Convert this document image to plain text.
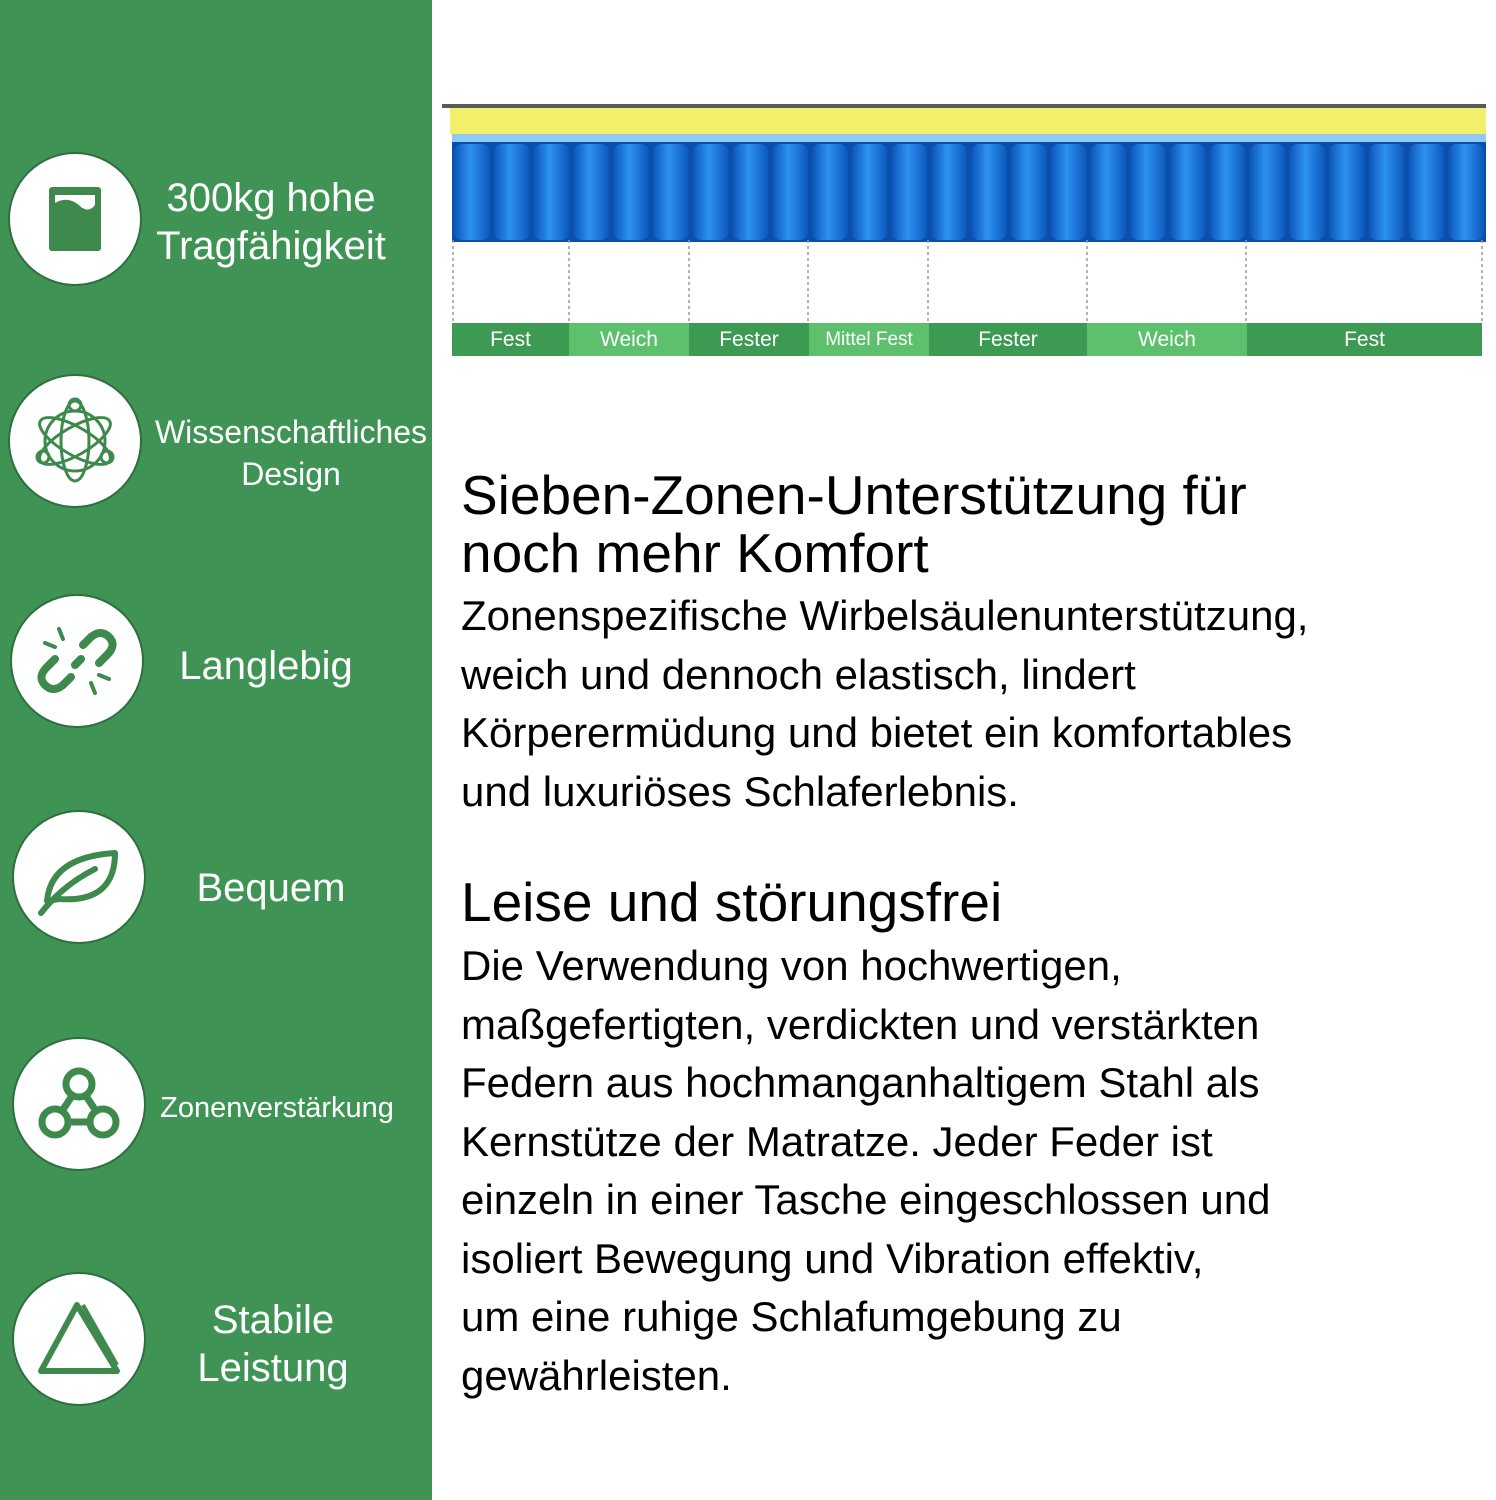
300kg hohe
Tragfähigkeit
Wissenschaftliches
Design
Langlebig
Bequem
Zonenverstärkung
Stabile
Leistung
Fest	Weich	Fester	Mittel Fest	Fester	Weich	Fest
Sieben-Zonen-Unterstützung für
noch mehr Komfort
Zonenspezifische Wirbelsäulenunterstützung,
weich und dennoch elastisch, lindert
Körperermüdung und bietet ein komfortables
und luxuriöses Schlaferlebnis.
Leise und störungsfrei
Die Verwendung von hochwertigen,
maßgefertigten, verdickten und verstärkten
Federn aus hochmanganhaltigem Stahl als
Kernstütze der Matratze. Jeder Feder ist
einzeln in einer Tasche eingeschlossen und
isoliert Bewegung und Vibration effektiv,
um eine ruhige Schlafumgebung zu
gewährleisten.
